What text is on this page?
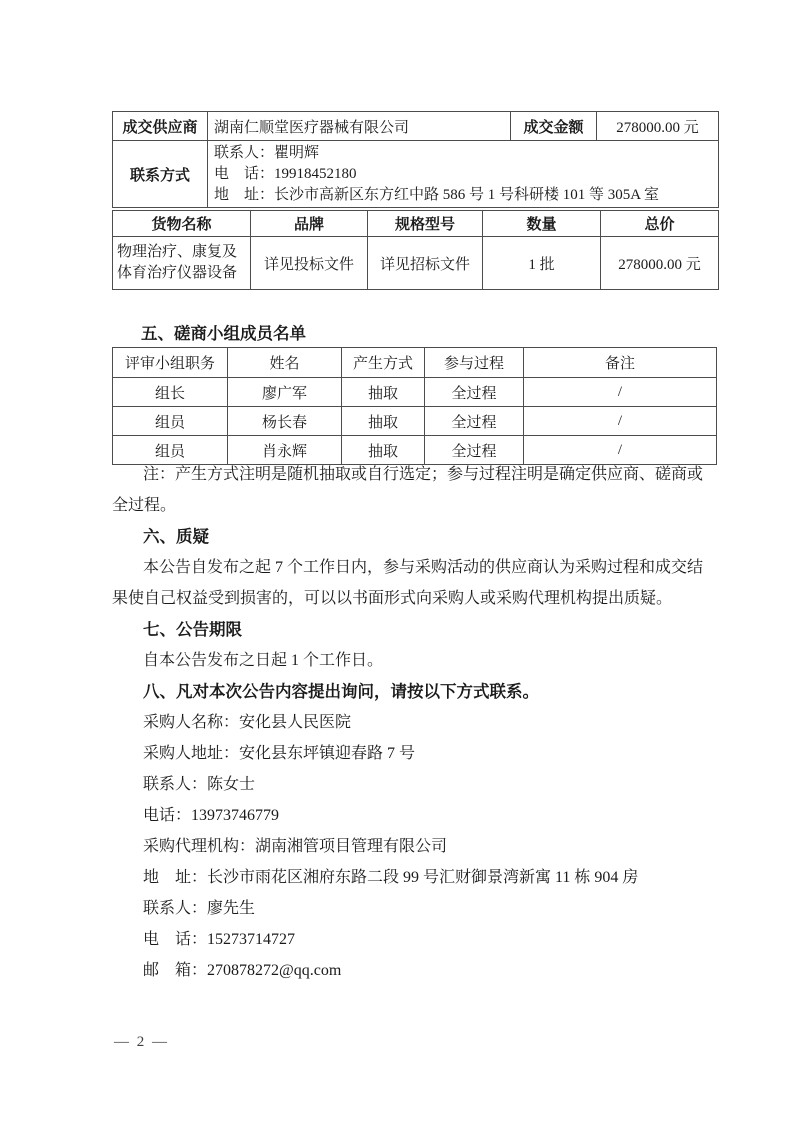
成交供应商	湖南仁顺堂医疗器械有限公司	成交金额	278000.00 元
联系方式	联系人：瞿明辉
电　话：19918452180
地　址：长沙市高新区东方红中路 586 号 1 号科研楼 101 等 305A 室		
货物名称	品牌	规格型号	数量	总价
物理治疗、康复及体育治疗仪器设备	详见投标文件	详见招标文件	1 批	278000.00 元
五、磋商小组成员名单
评审小组职务	姓名	产生方式	参与过程	备注
组长	廖广军	抽取	全过程	/
组员	杨长春	抽取	全过程	/
组员	肖永辉	抽取	全过程	/
注：产生方式注明是随机抽取或自行选定；参与过程注明是确定供应商、磋商或
全过程。
六、质疑
本公告自发布之起 7 个工作日内，参与采购活动的供应商认为采购过程和成交结
果使自己权益受到损害的，可以以书面形式向采购人或采购代理机构提出质疑。
七、公告期限
自本公告发布之日起 1 个工作日。
八、凡对本次公告内容提出询问，请按以下方式联系。
采购人名称：安化县人民医院
采购人地址：安化县东坪镇迎春路 7 号
联系人：陈女士
电话：13973746779
采购代理机构：湖南湘管项目管理有限公司
地　址：长沙市雨花区湘府东路二段 99 号汇财御景湾新寓 11 栋 904 房
联系人：廖先生
电　话：15273714727
邮　箱：270878272@qq.com
— 2 —
